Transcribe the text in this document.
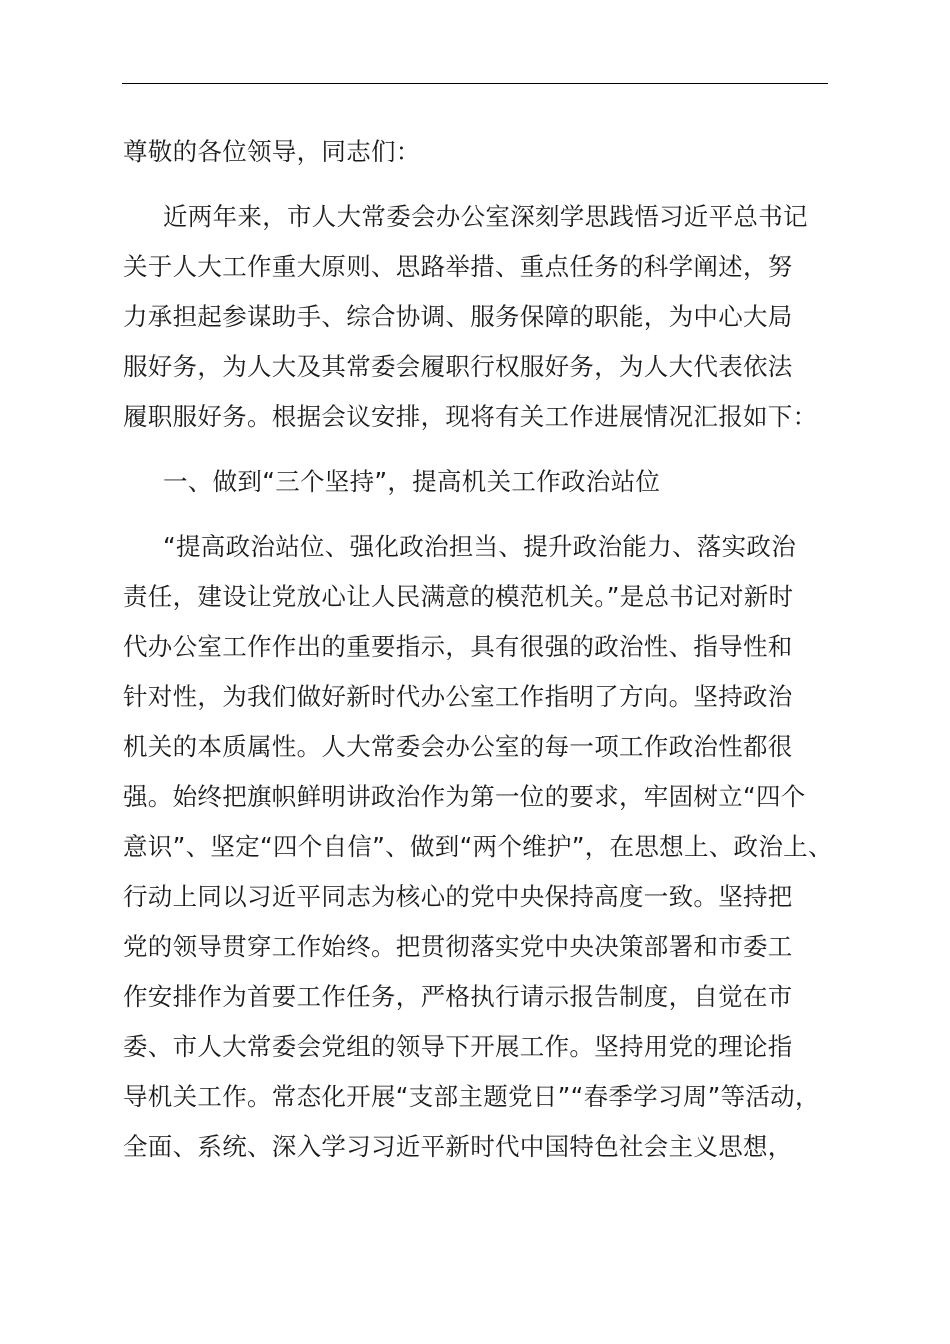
尊敬的各位领导，同志们：
近两年来，市人大常委会办公室深刻学思践悟习近平总书记
关于人大工作重大原则、思路举措、重点任务的科学阐述，努
力承担起参谋助手、综合协调、服务保障的职能，为中心大局
服好务，为人大及其常委会履职行权服好务，为人大代表依法
履职服好务。根据会议安排，现将有关工作进展情况汇报如下：
一、做到“三个坚持”，提高机关工作政治站位
“提高政治站位、强化政治担当、提升政治能力、落实政治
责任，建设让党放心让人民满意的模范机关。”是总书记对新时
代办公室工作作出的重要指示，具有很强的政治性、指导性和
针对性，为我们做好新时代办公室工作指明了方向。坚持政治
机关的本质属性。人大常委会办公室的每一项工作政治性都很
强。始终把旗帜鲜明讲政治作为第一位的要求，牢固树立“四个
意识”、坚定“四个自信”、做到“两个维护”，在思想上、政治上、
行动上同以习近平同志为核心的党中央保持高度一致。坚持把
党的领导贯穿工作始终。把贯彻落实党中央决策部署和市委工
作安排作为首要工作任务，严格执行请示报告制度，自觉在市
委、市人大常委会党组的领导下开展工作。坚持用党的理论指
导机关工作。常态化开展“支部主题党日”“春季学习周”等活动，
全面、系统、深入学习习近平新时代中国特色社会主义思想，
